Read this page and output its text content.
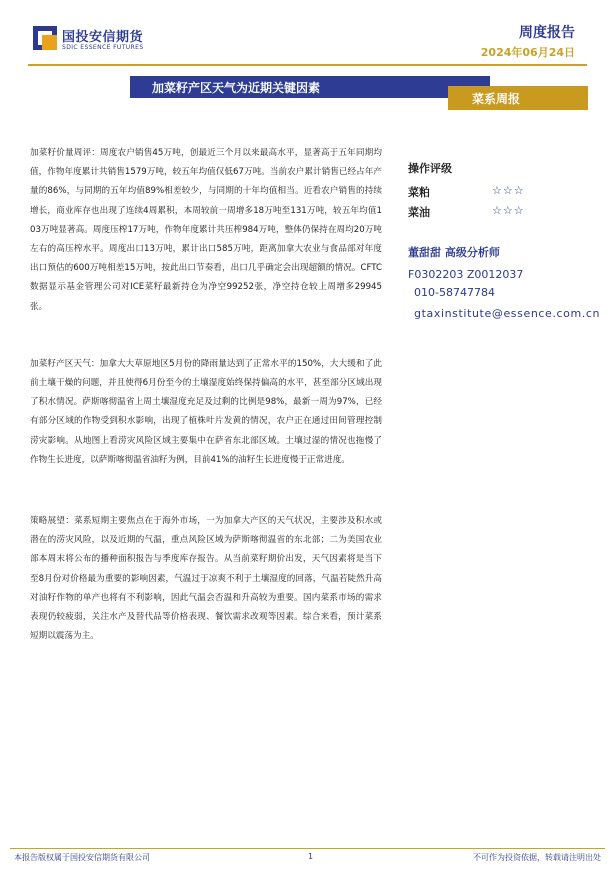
国投安信期货
SDIC ESSENCE FUTURES
周度报告
2024年06月24日
加菜籽产区天气为近期关键因素
菜系周报

加菜籽价量周评：周度农户销售45万吨，创最近三个月以来最高水平，显著高于五年同期均值，作物年度累计共销售1579万吨，较五年均值仅低67万吨。当前农户累计销售已经占年产量的86%，与同期的五年均值89%相差较少，与同期的十年均值相当。近看农户销售的持续增长，商业库存也出现了连续4周累积，本周较前一周增多18万吨至131万吨，较五年均值103万吨显著高。周度压榨17万吨，作物年度累计共压榨984万吨，整体仍保持在周均20万吨左右的高压榨水平。周度出口13万吨，累计出口585万吨，距离加拿大农业与食品部对年度出口预估的600万吨相差15万吨，按此出口节奏看，出口几乎确定会出现超额的情况。CFTC数据显示基金管理公司对ICE菜籽最新持仓为净空99252张，净空持仓较上周增多29945张。

加菜籽产区天气：加拿大大草原地区5月份的降雨量达到了正常水平的150%，大大缓和了此前土壤干燥的问题，并且使得6月份至今的土壤湿度始终保持偏高的水平，甚至部分区域出现了积水情况。萨斯喀彻温省上周土壤湿度充足及过剩的比例是98%，最新一周为97%，已经有部分区域的作物受到积水影响，出现了植株叶片发黄的情况，农户正在通过田间管理控制涝灾影响。从地图上看涝灾风险区域主要集中在萨省东北部区域。土壤过湿的情况也拖慢了作物生长进度，以萨斯喀彻温省油籽为例，目前41%的油籽生长进度慢于正常进度。

策略展望：菜系短期主要焦点在于海外市场，一为加拿大产区的天气状况，主要涉及积水或潜在的涝灾风险，以及近期的气温，重点风险区域为萨斯喀彻温省的东北部；二为美国农业部本周末将公布的播种面积报告与季度库存报告。从当前菜籽期价出发，天气因素将是当下至8月份对价格最为重要的影响因素，气温过于凉爽不利于土壤湿度的回落，气温若陡然升高对油籽作物的单产也将有不利影响，因此气温会否温和升高较为重要。国内菜系市场的需求表现仍较疲弱，关注水产及替代品等价格表现、餐饮需求改观等因素。综合来看，预计菜系短期以震荡为主。

操作评级
菜粕	☆☆☆
菜油	☆☆☆
董甜甜 高级分析师
F0302203 Z0012037
010-58747784
gtaxinstitute@essence.com.cn
本报告版权属于国投安信期货有限公司	1	不可作为投资依据，转载请注明出处
